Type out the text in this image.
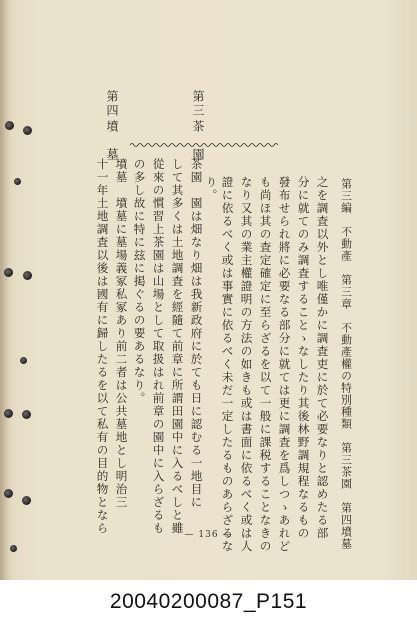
第三編　不動產　第三章　不動產權の特別種類　第三茶園　第四墳墓
之を調査以外とし唯僅かに調査吏に於て必要なりと認めたる部
分に就てのみ調査することゝなしたり其後林野調規程なるもの
發布せられ將に必要なる部分に就ては更に調査を爲しつゝあれど
も尚ほ其の査定確定に至らざるを以て一般に課税することなきの
なり又其の業主權證明の方法の如きも或は書面に依るべく或は人
證に依るべく或は事實に依るべく未だ一定したるものあらざるな
り。
第三
茶　園
茶園　園は畑なり畑は我新政府に於ても日に認むる一地目に
して其多くは土地調査を經隨て前章に所謂田園中に入るべしと雖
從來の慣習上茶園は山場として取扱はれ前章の園中に入らざるも
の多し故に特に玆に掲ぐるの要あるなり。
第四
墳　墓
墳墓　墳墓に墓場義冢私冢あり前二者は公共墓地とし明治三
十一年土地調査以後は國有に歸したるを以て私有の目的物となら	— 136 —
20040200087_P151
